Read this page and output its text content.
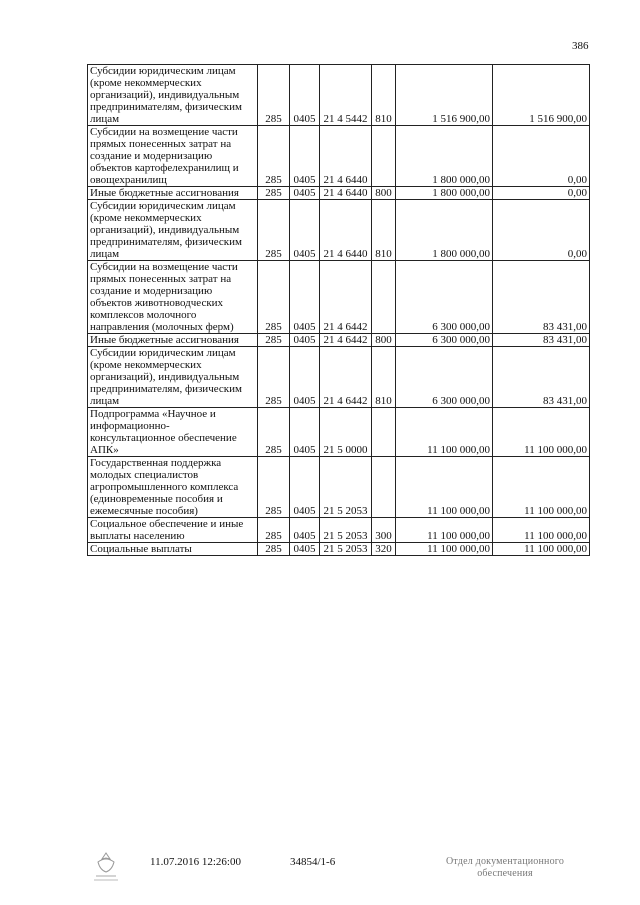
386
Субсидии юридическим лицам (кроме некоммерческих организаций), индивидуальным предпринимателям, физическим лицам	285	0405	21 4 5442	810	1 516 900,00	1 516 900,00
Субсидии на возмещение части прямых понесенных затрат на создание и модернизацию объектов картофелехранилищ и овощехранилищ	285	0405	21 4 6440		1 800 000,00	0,00
Иные бюджетные ассигнования	285	0405	21 4 6440	800	1 800 000,00	0,00
Субсидии юридическим лицам (кроме некоммерческих организаций), индивидуальным предпринимателям, физическим лицам	285	0405	21 4 6440	810	1 800 000,00	0,00
Субсидии на возмещение части прямых понесенных затрат на создание и модернизацию объектов животноводческих комплексов молочного направления (молочных ферм)	285	0405	21 4 6442		6 300 000,00	83 431,00
Иные бюджетные ассигнования	285	0405	21 4 6442	800	6 300 000,00	83 431,00
Субсидии юридическим лицам (кроме некоммерческих организаций), индивидуальным предпринимателям, физическим лицам	285	0405	21 4 6442	810	6 300 000,00	83 431,00
Подпрограмма «Научное и информационно-консультационное обеспечение АПК»	285	0405	21 5 0000		11 100 000,00	11 100 000,00
Государственная поддержка молодых специалистов агропромышленного комплекса (единовременные пособия и ежемесячные пособия)	285	0405	21 5 2053		11 100 000,00	11 100 000,00
Социальное обеспечение и иные выплаты населению	285	0405	21 5 2053	300	11 100 000,00	11 100 000,00
Социальные выплаты	285	0405	21 5 2053	320	11 100 000,00	11 100 000,00
11.07.2016 12:26:00	34854/1-6	Отдел документационного
обеспечения
